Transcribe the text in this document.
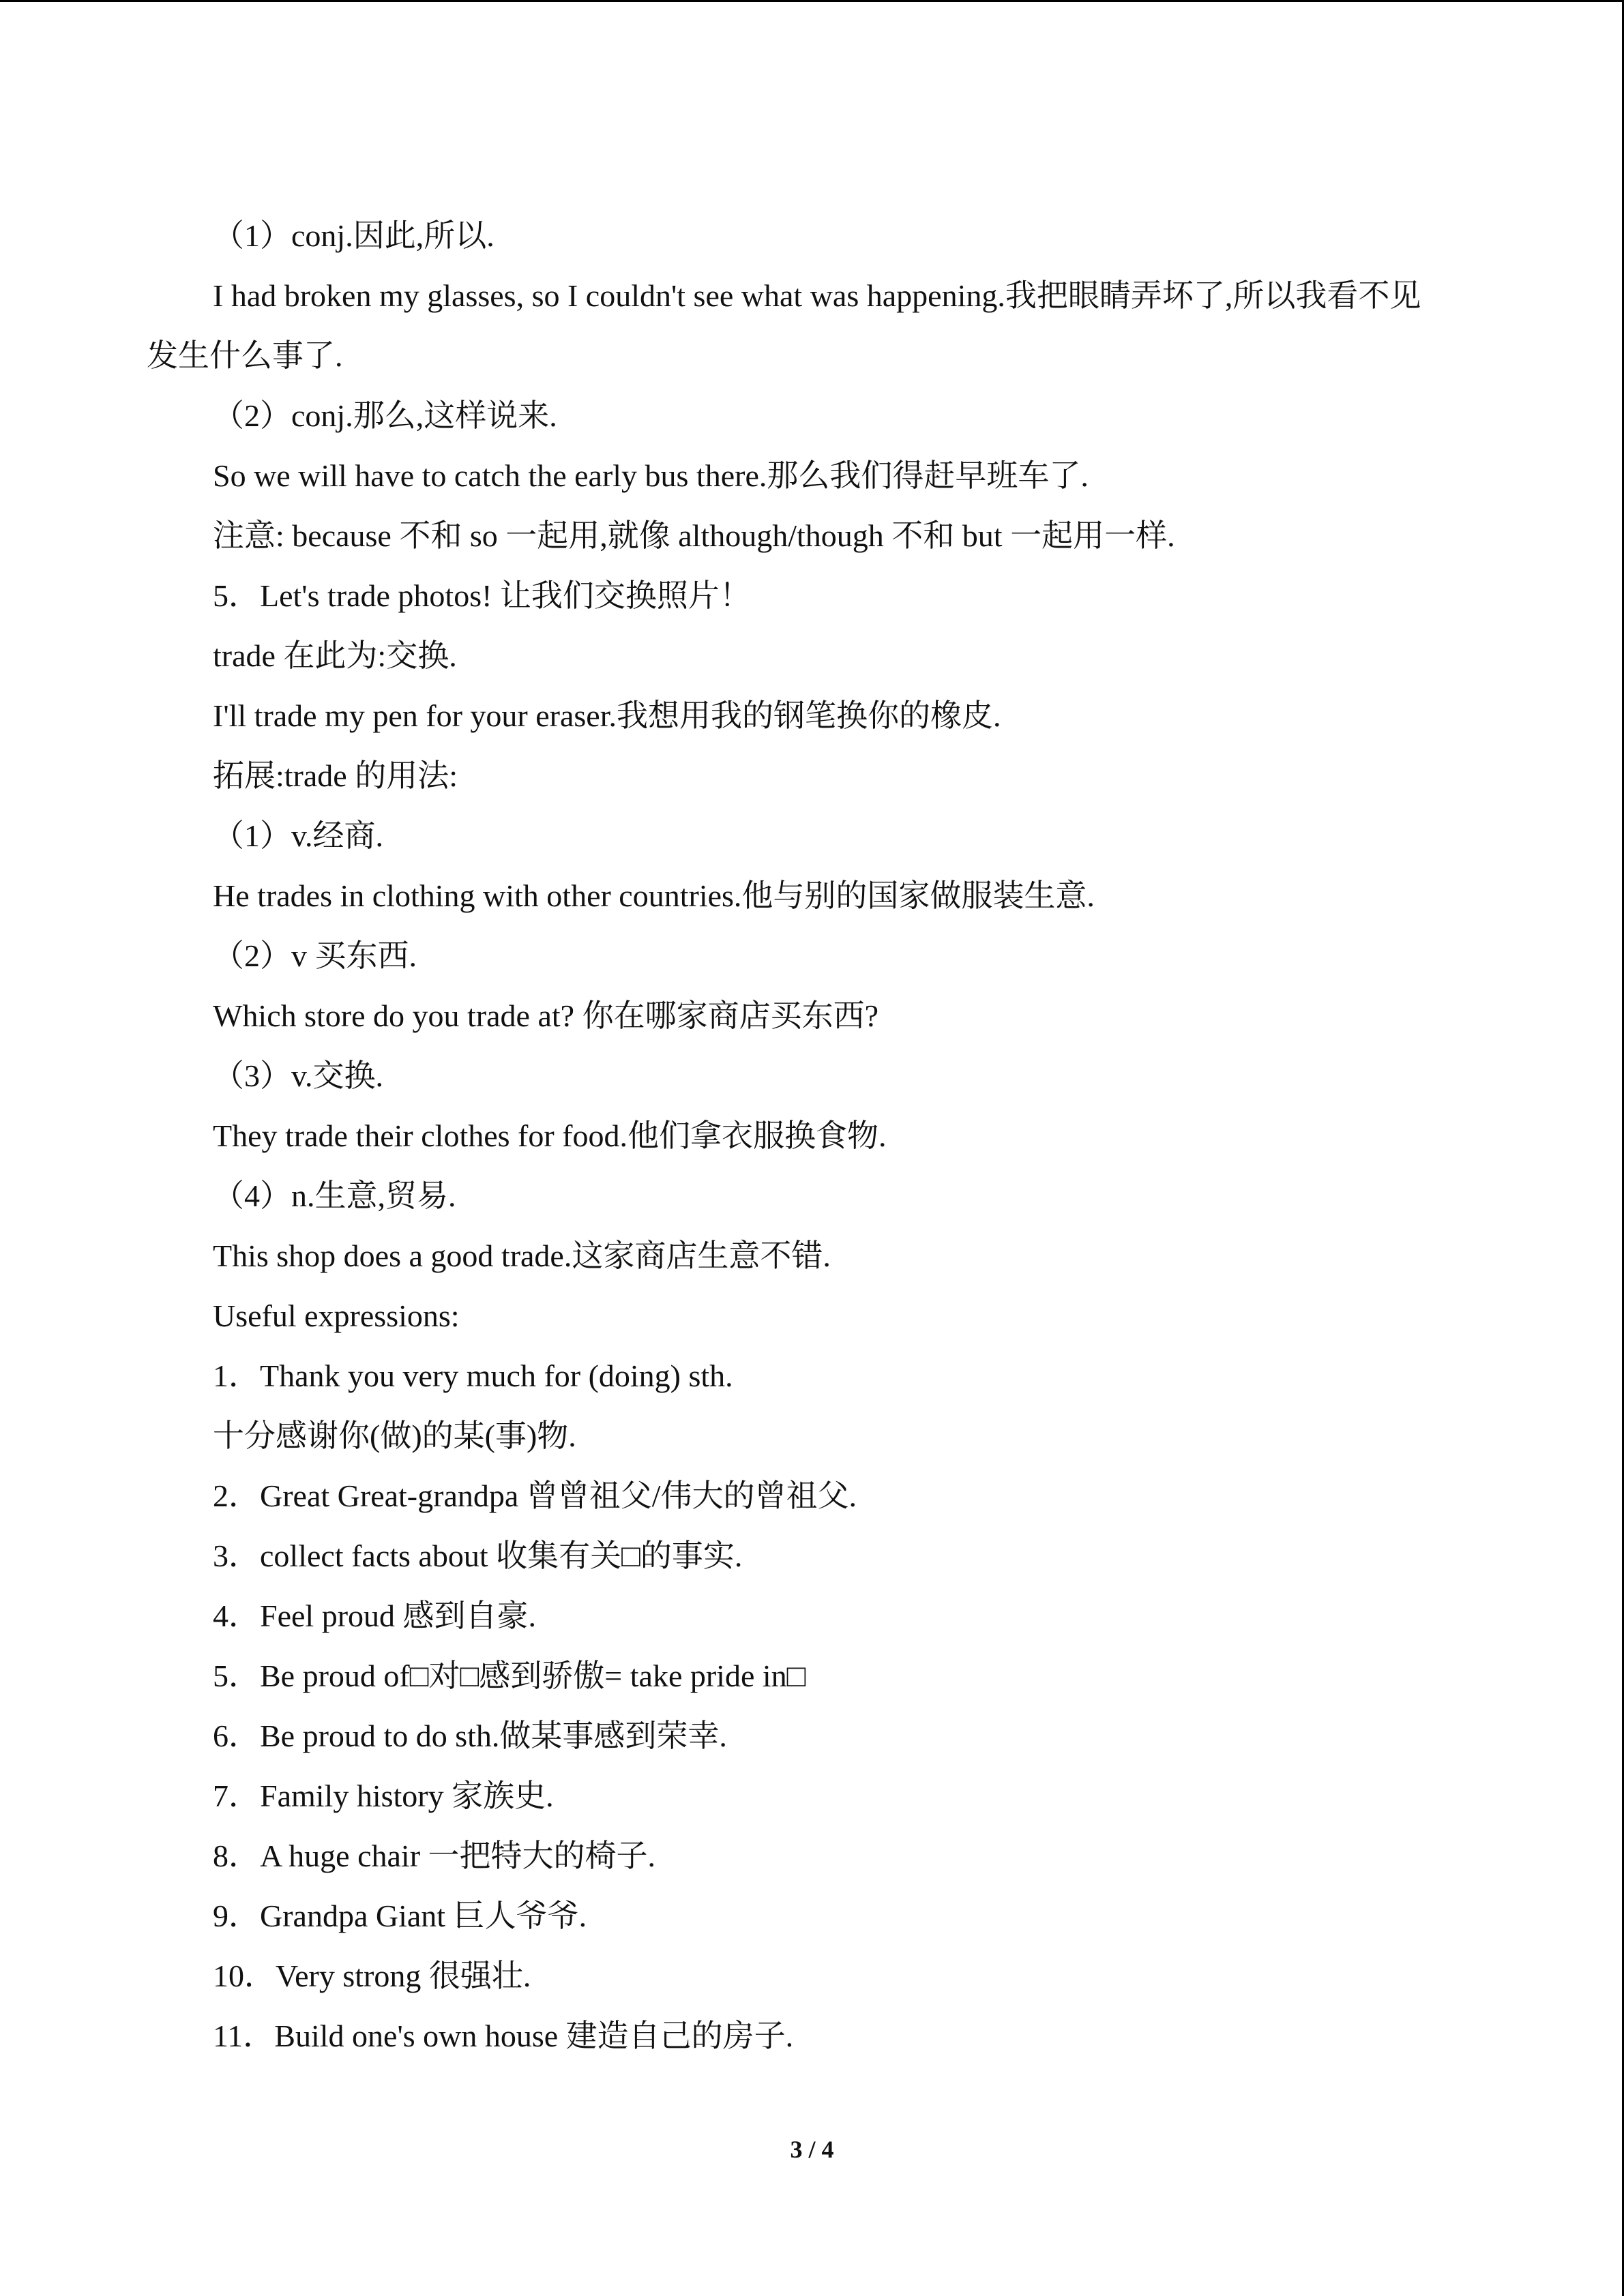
（1）conj.因此,所以.
I had broken my glasses, so I couldn't see what was happening.我把眼睛弄坏了,所以我看不见
发生什么事了.
（2）conj.那么,这样说来.
So we will have to catch the early bus there.那么我们得赶早班车了.
注意: because 不和 so 一起用,就像 although/though 不和 but 一起用一样.
5．Let's trade photos! 让我们交换照片！
trade 在此为:交换.
I'll trade my pen for your eraser.我想用我的钢笔换你的橡皮.
拓展:trade 的用法:
（1）v.经商.
He trades in clothing with other countries.他与别的国家做服装生意.
（2）v 买东西.
Which store do you trade at? 你在哪家商店买东西?
（3）v.交换.
They trade their clothes for food.他们拿衣服换食物.
（4）n.生意,贸易.
This shop does a good trade.这家商店生意不错.
Useful expressions:
1．Thank you very much for (doing) sth.
十分感谢你(做)的某(事)物.
2．Great Great-grandpa 曾曾祖父/伟大的曾祖父.
3．collect facts about 收集有关□的事实.
4．Feel proud 感到自豪.
5．Be proud of□对□感到骄傲= take pride in□
6．Be proud to do sth.做某事感到荣幸.
7．Family history 家族史.
8．A huge chair 一把特大的椅子.
9．Grandpa Giant 巨人爷爷.
10．Very strong 很强壮.
11．Build one's own house 建造自己的房子.
3 / 4
